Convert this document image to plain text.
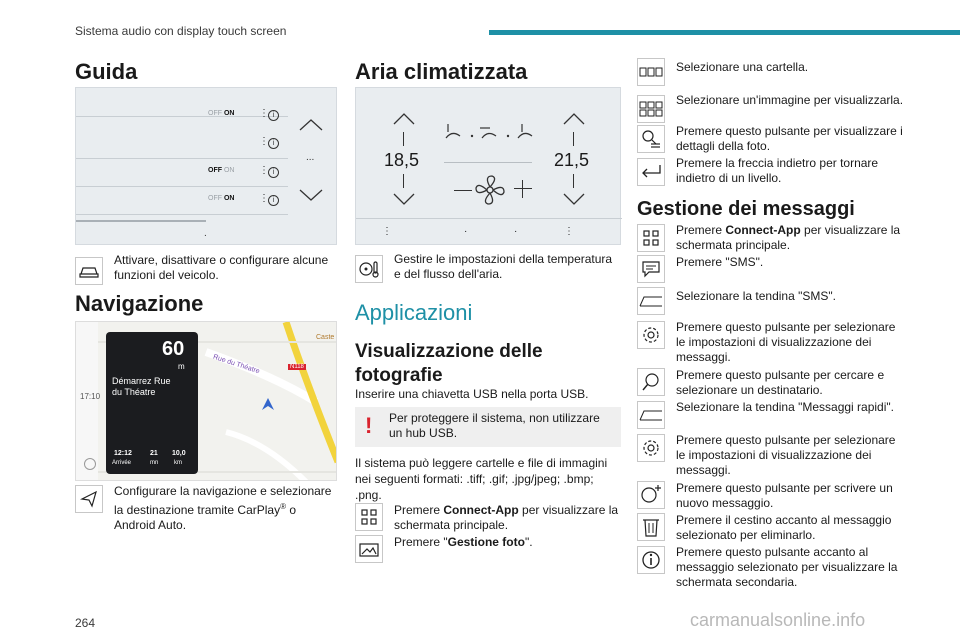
Sistema audio con display touch screen
Guida
OFF ON ⋮ i
⋮ i
OFF ON ⋮ i
OFF ON ⋮ i
...
.
Attivare, disattivare o configurare alcune funzioni del veicolo.
Navigazione
Rue du Théatre	N118
Caste
17:10
60
m
Démarrez Rue
du Théatre
12:12
Arrivée
21
mn
10,0
km
Configurare la navigazione e selezionare la destinazione tramite CarPlay® o Android Auto.
Aria climatizzata
18,5	21,5
⋮	·	·	⋮
Gestire le impostazioni della temperatura e del flusso dell'aria.
Applicazioni
Visualizzazione delle
fotografie
Inserire una chiavetta USB nella porta USB.
! Per proteggere il sistema, non utilizzare un hub USB.
Il sistema può leggere cartelle e file di immagini nei seguenti formati: .tiff; .gif; .jpg/jpeg; .bmp; .png.
Premere Connect-App per visualizzare la schermata principale.
Premere "Gestione foto".
Selezionare una cartella.
Selezionare un'immagine per visualizzarla.
Premere questo pulsante per visualizzare i dettagli della foto.
Premere la freccia indietro per tornare indietro di un livello.
Gestione dei messaggi
Premere Connect-App per visualizzare la schermata principale.
Premere "SMS".
Selezionare la tendina "SMS".
Premere questo pulsante per selezionare le impostazioni di visualizzazione dei messaggi.
Premere questo pulsante per cercare e selezionare un destinatario.
Selezionare la tendina "Messaggi rapidi".
Premere questo pulsante per selezionare le impostazioni di visualizzazione dei messaggi.
Premere questo pulsante per scrivere un nuovo messaggio.
Premere il cestino accanto al messaggio selezionato per eliminarlo.
Premere questo pulsante accanto al messaggio selezionato per visualizzare la schermata secondaria.
264	carmanualsonline.info
